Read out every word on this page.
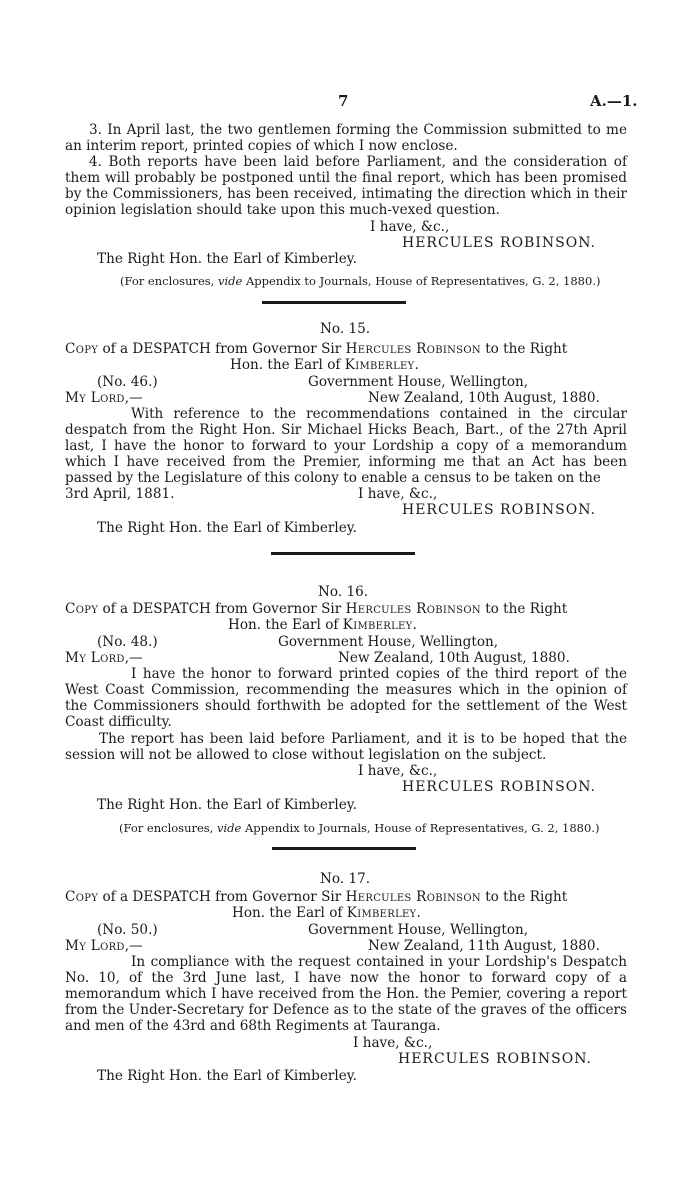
7	A.—1.
3. In April last, the two gentlemen forming the Commission submitted to me an interim report, printed copies of which I now enclose.
4. Both reports have been laid before Parliament, and the consideration of them will probably be postponed until the final report, which has been promised by the Commissioners, has been received, intimating the direction which in their opinion legislation should take upon this much-vexed question.
I have, &c.,
HERCULES ROBINSON.
The Right Hon. the Earl of Kimberley.
(For enclosures, vide Appendix to Journals, House of Representatives, G. 2, 1880.)
No. 15.
Copy of a DESPATCH from Governor Sir Hercules Robinson to the Right
Hon. the Earl of Kimberley.
(No. 46.)	Government House, Wellington,
My Lord,—	New Zealand, 10th August, 1880.
With reference to the recommendations contained in the circular despatch from the Right Hon. Sir Michael Hicks Beach, Bart., of the 27th April last, I have the honor to forward to your Lordship a copy of a memorandum which I have received from the Premier, informing me that an Act has been passed by the Legislature of this colony to enable a census to be taken on the
3rd April, 1881.	I have, &c.,
HERCULES ROBINSON.
The Right Hon. the Earl of Kimberley.
No. 16.
Copy of a DESPATCH from Governor Sir Hercules Robinson to the Right
Hon. the Earl of Kimberley.
(No. 48.)	Government House, Wellington,
My Lord,—	New Zealand, 10th August, 1880.
I have the honor to forward printed copies of the third report of the West Coast Commission, recommending the measures which in the opinion of the Commissioners should forthwith be adopted for the settlement of the West Coast difficulty.
The report has been laid before Parliament, and it is to be hoped that the session will not be allowed to close without legislation on the subject.
I have, &c.,
HERCULES ROBINSON.
The Right Hon. the Earl of Kimberley.
(For enclosures, vide Appendix to Journals, House of Representatives, G. 2, 1880.)
No. 17.
Copy of a DESPATCH from Governor Sir Hercules Robinson to the Right
Hon. the Earl of Kimberley.
(No. 50.)	Government House, Wellington,
My Lord,—	New Zealand, 11th August, 1880.
In compliance with the request contained in your Lordship's Despatch No. 10, of the 3rd June last, I have now the honor to forward copy of a memorandum which I have received from the Hon. the Pemier, covering a report from the Under-Secretary for Defence as to the state of the graves of the officers and men of the 43rd and 68th Regiments at Tauranga.
I have, &c.,
HERCULES ROBINSON.
The Right Hon. the Earl of Kimberley.
